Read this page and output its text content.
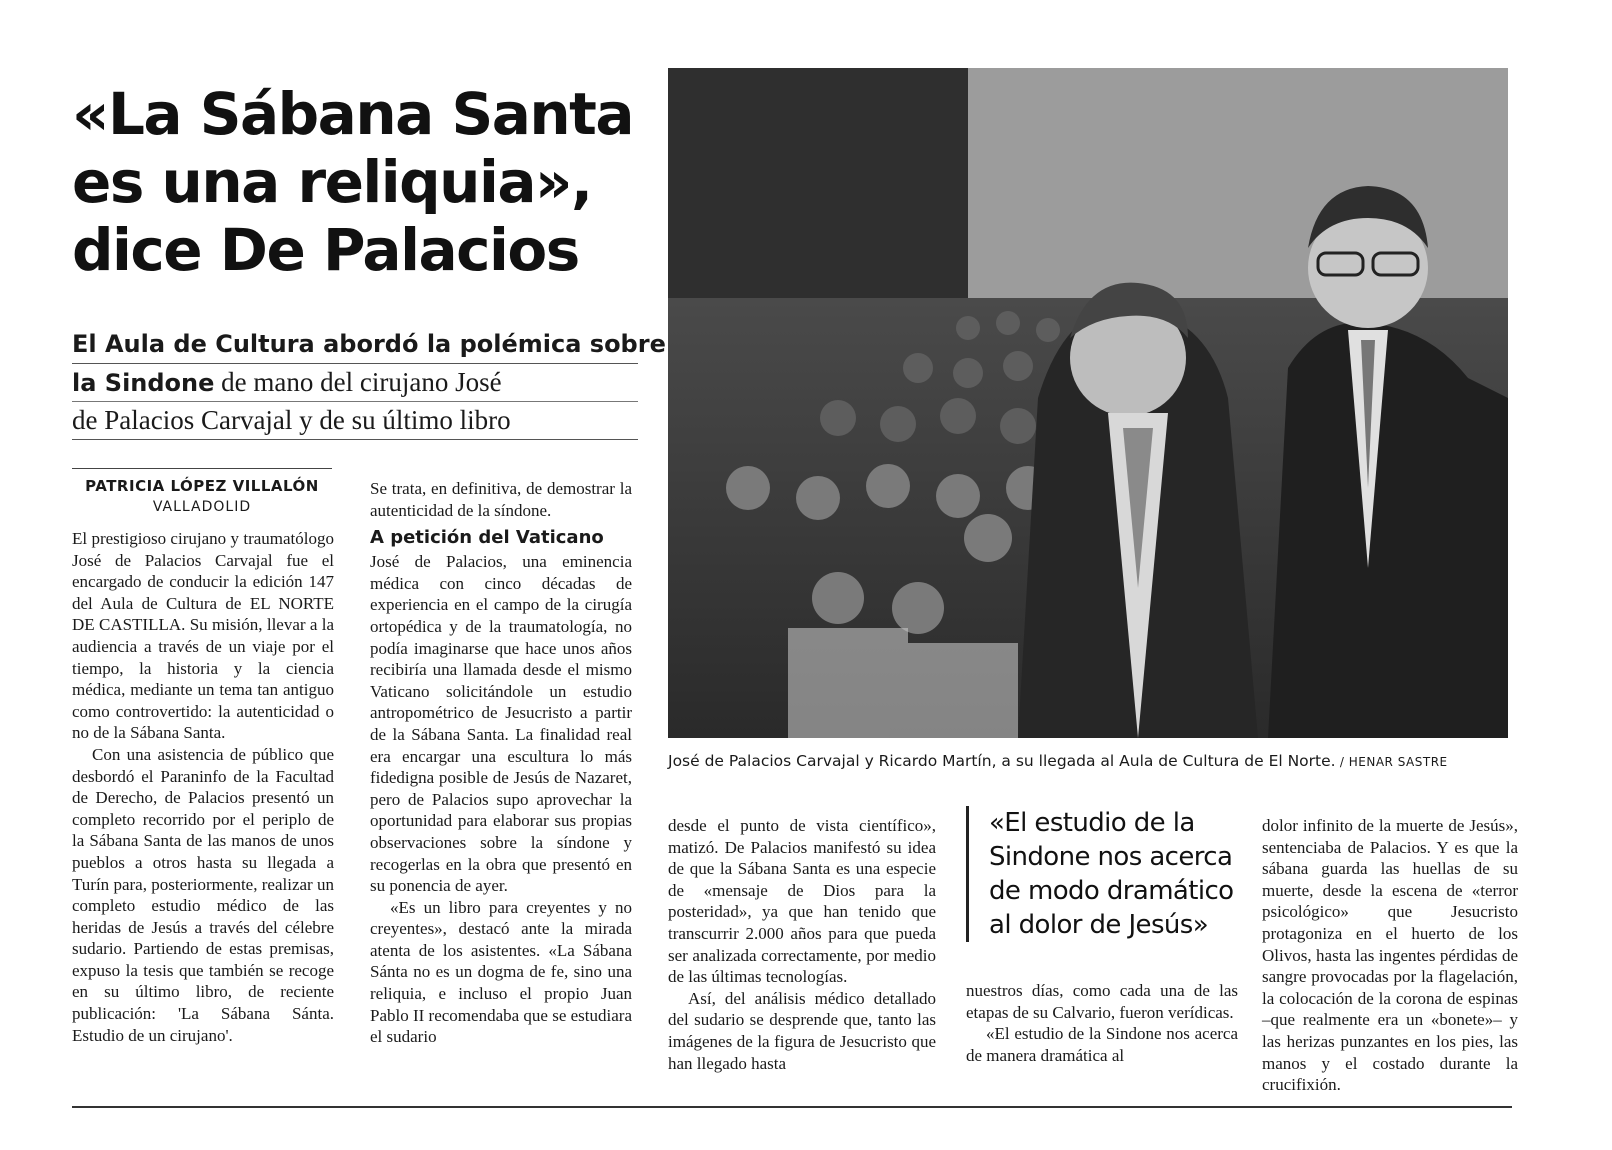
«La Sábana Santa
es una reliquia»,
dice De Palacios
El Aula de Cultura abordó la polémica sobre
la Sindone de mano del cirujano José
de Palacios Carvajal y de su último libro
PATRICIA LÓPEZ VILLALÓN
VALLADOLID

El prestigioso cirujano y traumatólogo José de Palacios Carvajal fue el encargado de conducir la edición 147 del Aula de Cultura de EL NORTE DE CASTILLA. Su misión, llevar a la audiencia a través de un viaje por el tiempo, la historia y la ciencia médica, mediante un tema tan antiguo como controvertido: la autenticidad o no de la Sábana Santa.

Con una asistencia de público que desbordó el Paraninfo de la Facultad de Derecho, de Palacios presentó un completo recorrido por el periplo de la Sábana Santa de las manos de unos pueblos a otros hasta su llegada a Turín para, posteriormente, realizar un completo estudio médico de las heridas de Jesús a través del célebre sudario. Partiendo de estas premisas, expuso la tesis que también se recoge en su último libro, de reciente publicación: 'La Sábana Sánta. Estudio de un cirujano'.

Se trata, en definitiva, de demostrar la autenticidad de la síndone.

A petición del Vaticano

José de Palacios, una eminencia médica con cinco décadas de experiencia en el campo de la cirugía ortopédica y de la traumatología, no podía imaginarse que hace unos años recibiría una llamada desde el mismo Vaticano solicitándole un estudio antropométrico de Jesucristo a partir de la Sábana Santa. La finalidad real era encargar una escultura lo más fidedigna posible de Jesús de Nazaret, pero de Palacios supo aprovechar la oportunidad para elaborar sus propias observaciones sobre la síndone y recogerlas en la obra que presentó en su ponencia de ayer.

«Es un libro para creyentes y no creyentes», destacó ante la mirada atenta de los asistentes. «La Sábana Sánta no es un dogma de fe, sino una reliquia, e incluso el propio Juan Pablo II recomendaba que se estudiara el sudario

José de Palacios Carvajal y Ricardo Martín, a su llegada al Aula de Cultura de El Norte. / HENAR SASTRE

desde el punto de vista científico», matizó. De Palacios manifestó su idea de que la Sábana Santa es una especie de «mensaje de Dios para la posteridad», ya que han tenido que transcurrir 2.000 años para que pueda ser analizada correctamente, por medio de las últimas tecnologías.

Así, del análisis médico detallado del sudario se desprende que, tanto las imágenes de la figura de Jesucristo que han llegado hasta

«El estudio de la
Sindone nos acerca
de modo dramático
al dolor de Jesús»

nuestros días, como cada una de las etapas de su Calvario, fueron verídicas.

«El estudio de la Sindone nos acerca de manera dramática al

dolor infinito de la muerte de Jesús», sentenciaba de Palacios. Y es que la sábana guarda las huellas de su muerte, desde la escena de «terror psicológico» que Jesucristo protagoniza en el huerto de los Olivos, hasta las ingentes pérdidas de sangre provocadas por la flagelación, la colocación de la corona de espinas –que realmente era un «bonete»– y las herizas punzantes en los pies, las manos y el costado durante la crucifixión.
